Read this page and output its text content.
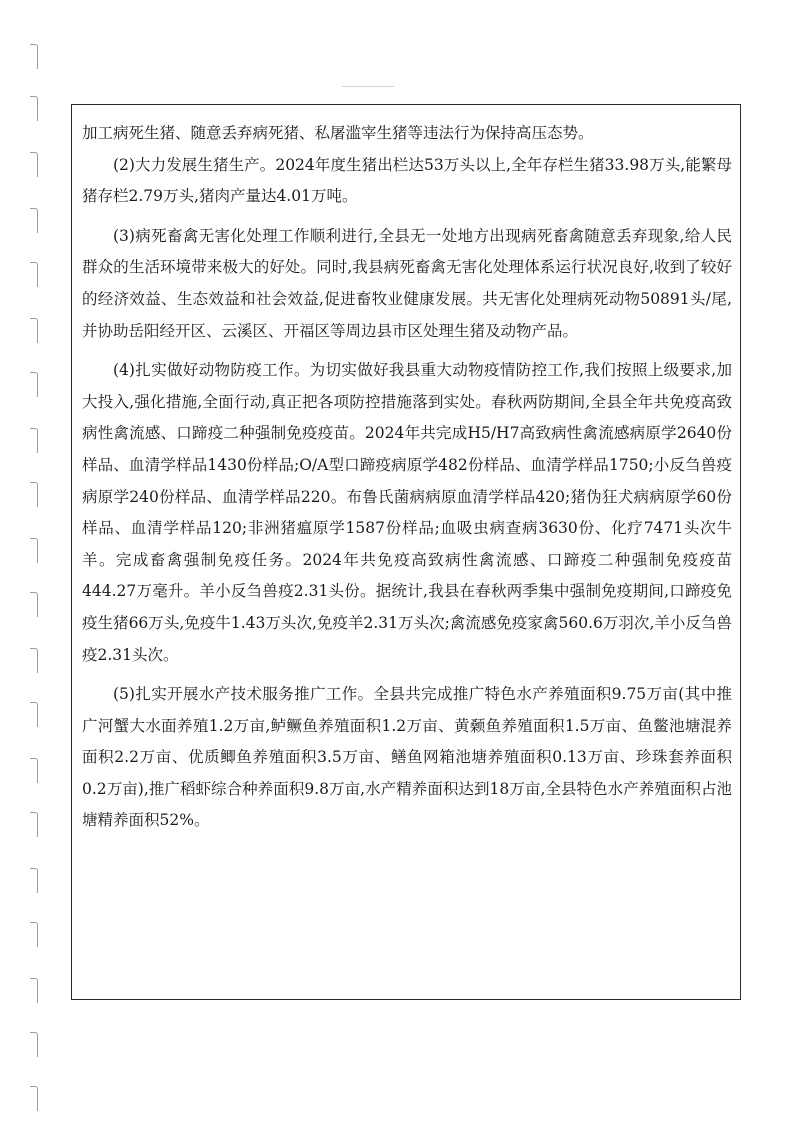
加工病死生猪、随意丢弃病死猪、私屠滥宰生猪等违法行为保持高压态势。

(2)大力发展生猪生产。2024年度生猪出栏达53万头以上,全年存栏生猪33.98万头,能繁母猪存栏2.79万头,猪肉产量达4.01万吨。

(3)病死畜禽无害化处理工作顺利进行,全县无一处地方出现病死畜禽随意丢弃现象,给人民群众的生活环境带来极大的好处。同时,我县病死畜禽无害化处理体系运行状况良好,收到了较好的经济效益、生态效益和社会效益,促进畜牧业健康发展。共无害化处理病死动物50891头/尾,并协助岳阳经开区、云溪区、开福区等周边县市区处理生猪及动物产品。

(4)扎实做好动物防疫工作。为切实做好我县重大动物疫情防控工作,我们按照上级要求,加大投入,强化措施,全面行动,真正把各项防控措施落到实处。春秋两防期间,全县全年共免疫高致病性禽流感、口蹄疫二种强制免疫疫苗。2024年共完成H5/H7高致病性禽流感病原学2640份样品、血清学样品1430份样品;O/A型口蹄疫病原学482份样品、血清学样品1750;小反刍兽疫病原学240份样品、血清学样品220。布鲁氏菌病病原血清学样品420;猪伪狂犬病病原学60份样品、血清学样品120;非洲猪瘟原学1587份样品;血吸虫病查病3630份、化疗7471头次牛羊。完成畜禽强制免疫任务。2024年共免疫高致病性禽流感、口蹄疫二种强制免疫疫苗444.27万毫升。羊小反刍兽疫2.31头份。据统计,我县在春秋两季集中强制免疫期间,口蹄疫免疫生猪66万头,免疫牛1.43万头次,免疫羊2.31万头次;禽流感免疫家禽560.6万羽次,羊小反刍兽疫2.31头次。

(5)扎实开展水产技术服务推广工作。全县共完成推广特色水产养殖面积9.75万亩(其中推广河蟹大水面养殖1.2万亩,鲈鳜鱼养殖面积1.2万亩、黄颡鱼养殖面积1.5万亩、鱼鳖池塘混养面积2.2万亩、优质鲫鱼养殖面积3.5万亩、鳝鱼网箱池塘养殖面积0.13万亩、珍珠套养面积0.2万亩),推广稻虾综合种养面积9.8万亩,水产精养面积达到18万亩,全县特色水产养殖面积占池塘精养面积52%。
